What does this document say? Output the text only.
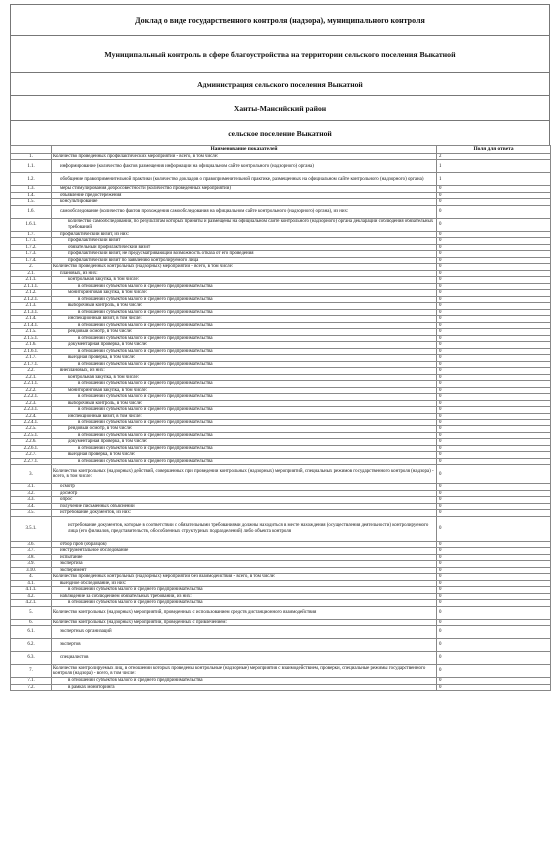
Доклад о виде государственного контроля (надзора), муниципального контроля
Муниципальный контроль в сфере благоустройства на территории сельского поселения Выкатной
Администрация сельского поселения Выкатной
Ханты-Мансийский район
сельское поселение Выкатной
	Наименование показателей	Поля для ответа
1.	Количество проведенных профилактических мероприятий - всего, в том числе:	2
1.1.	информирование (количество фактов размещения информации на официальном сайте контрольного (надзорного) органа)	1
1.2.	обобщение правоприменительной практики (количество докладов о правоприменительной практике, размещенных на официальном сайте контрольного (надзорного) органа)	1
1.3.	меры стимулирования добросовестности (количество проведенных мероприятий)	0
1.4.	объявление предостережения	0
1.5.	консультирование	0
1.6.	самообследование (количество фактов прохождения самообследования на официальном сайте контрольного (надзорного) органа), из них:	0
1.6.1.	количество самообследований, по результатам которых приняты и размещены на официальном сайте контрольного (надзорного) органа декларации соблюдения обязательных требований	0
1.7.	профилактический визит, из них:	0
1.7.1.	профилактический визит	0
1.7.2.	обязательный профилактический визит	0
1.7.3.	профилактический визит, не предусматривающий возможность отказа от его проведения	0
1.7.4.	профилактический визит по заявлению контролируемого лица	0
2.	Количество проведенных контрольных (надзорных) мероприятий - всего, в том числе:	0
2.1.	плановых, из них:	0
2.1.1.	контрольная закупка, в том числе:	0
2.1.1.1.	в отношении субъектов малого и среднего предпринимательства	0
2.1.2.	мониторинговая закупка, в том числе:	0
2.1.2.1.	в отношении субъектов малого и среднего предпринимательства	0
2.1.3.	выборочный контроль, в том числе:	0
2.1.3.1.	в отношении субъектов малого и среднего предпринимательства	0
2.1.4.	инспекционный визит, в том числе:	0
2.1.4.1.	в отношении субъектов малого и среднего предпринимательства	0
2.1.5.	рейдовый осмотр, в том числе:	0
2.1.5.1.	в отношении субъектов малого и среднего предпринимательства	0
2.1.6.	документарная проверка, в том числе:	0
2.1.6.1.	в отношении субъектов малого и среднего предпринимательства	0
2.1.7.	выездная проверка, в том числе:	0
2.1.7.1.	в отношении субъектов малого и среднего предпринимательства	0
2.2.	внеплановых, из них:	0
2.2.1.	контрольная закупка, в том числе:	0
2.2.1.1.	в отношении субъектов малого и среднего предпринимательства	0
2.2.2.	мониторинговая закупка, в том числе:	0
2.2.2.1.	в отношении субъектов малого и среднего предпринимательства	0
2.2.3.	выборочный контроль, в том числе:	0
2.2.3.1.	в отношении субъектов малого и среднего предпринимательства	0
2.2.4.	инспекционный визит, в том числе:	0
2.2.4.1.	в отношении субъектов малого и среднего предпринимательства	0
2.2.5.	рейдовый осмотр, в том числе:	0
2.2.5.1.	в отношении субъектов малого и среднего предпринимательства	0
2.2.6.	документарная проверка, в том числе:	0
2.2.6.1.	в отношении субъектов малого и среднего предпринимательства	0
2.2.7.	выездная проверка, в том числе:	0
2.2.7.1.	в отношении субъектов малого и среднего предпринимательства	0
3.	Количество контрольных (надзорных) действий, совершенных при проведении контрольных (надзорных) мероприятий, специальных режимов государственного контроля (надзора) - всего, в том числе:	0
3.1.	осмотр	0
3.2.	досмотр	0
3.3.	опрос	0
3.4.	получение письменных объяснений	0
3.5.	истребование документов, из них:	0
3.5.1.	истребование документов, которые в соответствии с обязательными требованиями должны находиться в месте нахождения (осуществления деятельности) контролируемого лица (его филиалов, представительств, обособленных структурных подразделений) либо объекта контроля	0
3.6.	отбор проб (образцов)	0
3.7.	инструментальное обследование	0
3.8.	испытание	0
3.9.	экспертиза	0
3.10.	эксперимент	0
4.	Количество проведенных контрольных (надзорных) мероприятий без взаимодействия - всего, в том числе:	0
4.1.	выездное обследование, из них:	0
4.1.1.	в отношении субъектов малого и среднего предпринимательства	0
4.2.	наблюдение за соблюдением обязательных требований, из них:	0
4.2.1.	в отношении субъектов малого и среднего предпринимательства	0
5.	Количество контрольных (надзорных) мероприятий, проведенных с использованием средств дистанционного взаимодействия	0
6.	Количество контрольных (надзорных) мероприятий, проведенных с привлечением:	0
6.1.	экспертных организаций	0
6.2.	экспертов	0
6.3.	специалистов	0
7.	Количество контролируемых лиц, в отношении которых проведены контрольные (надзорные) мероприятия с взаимодействием, проверки, специальные режимы государственного контроля (надзора) - всего, в том числе:	0
7.1.	в отношении субъектов малого и среднего предпринимательства	0
7.2.	в рамках мониторинга	0
